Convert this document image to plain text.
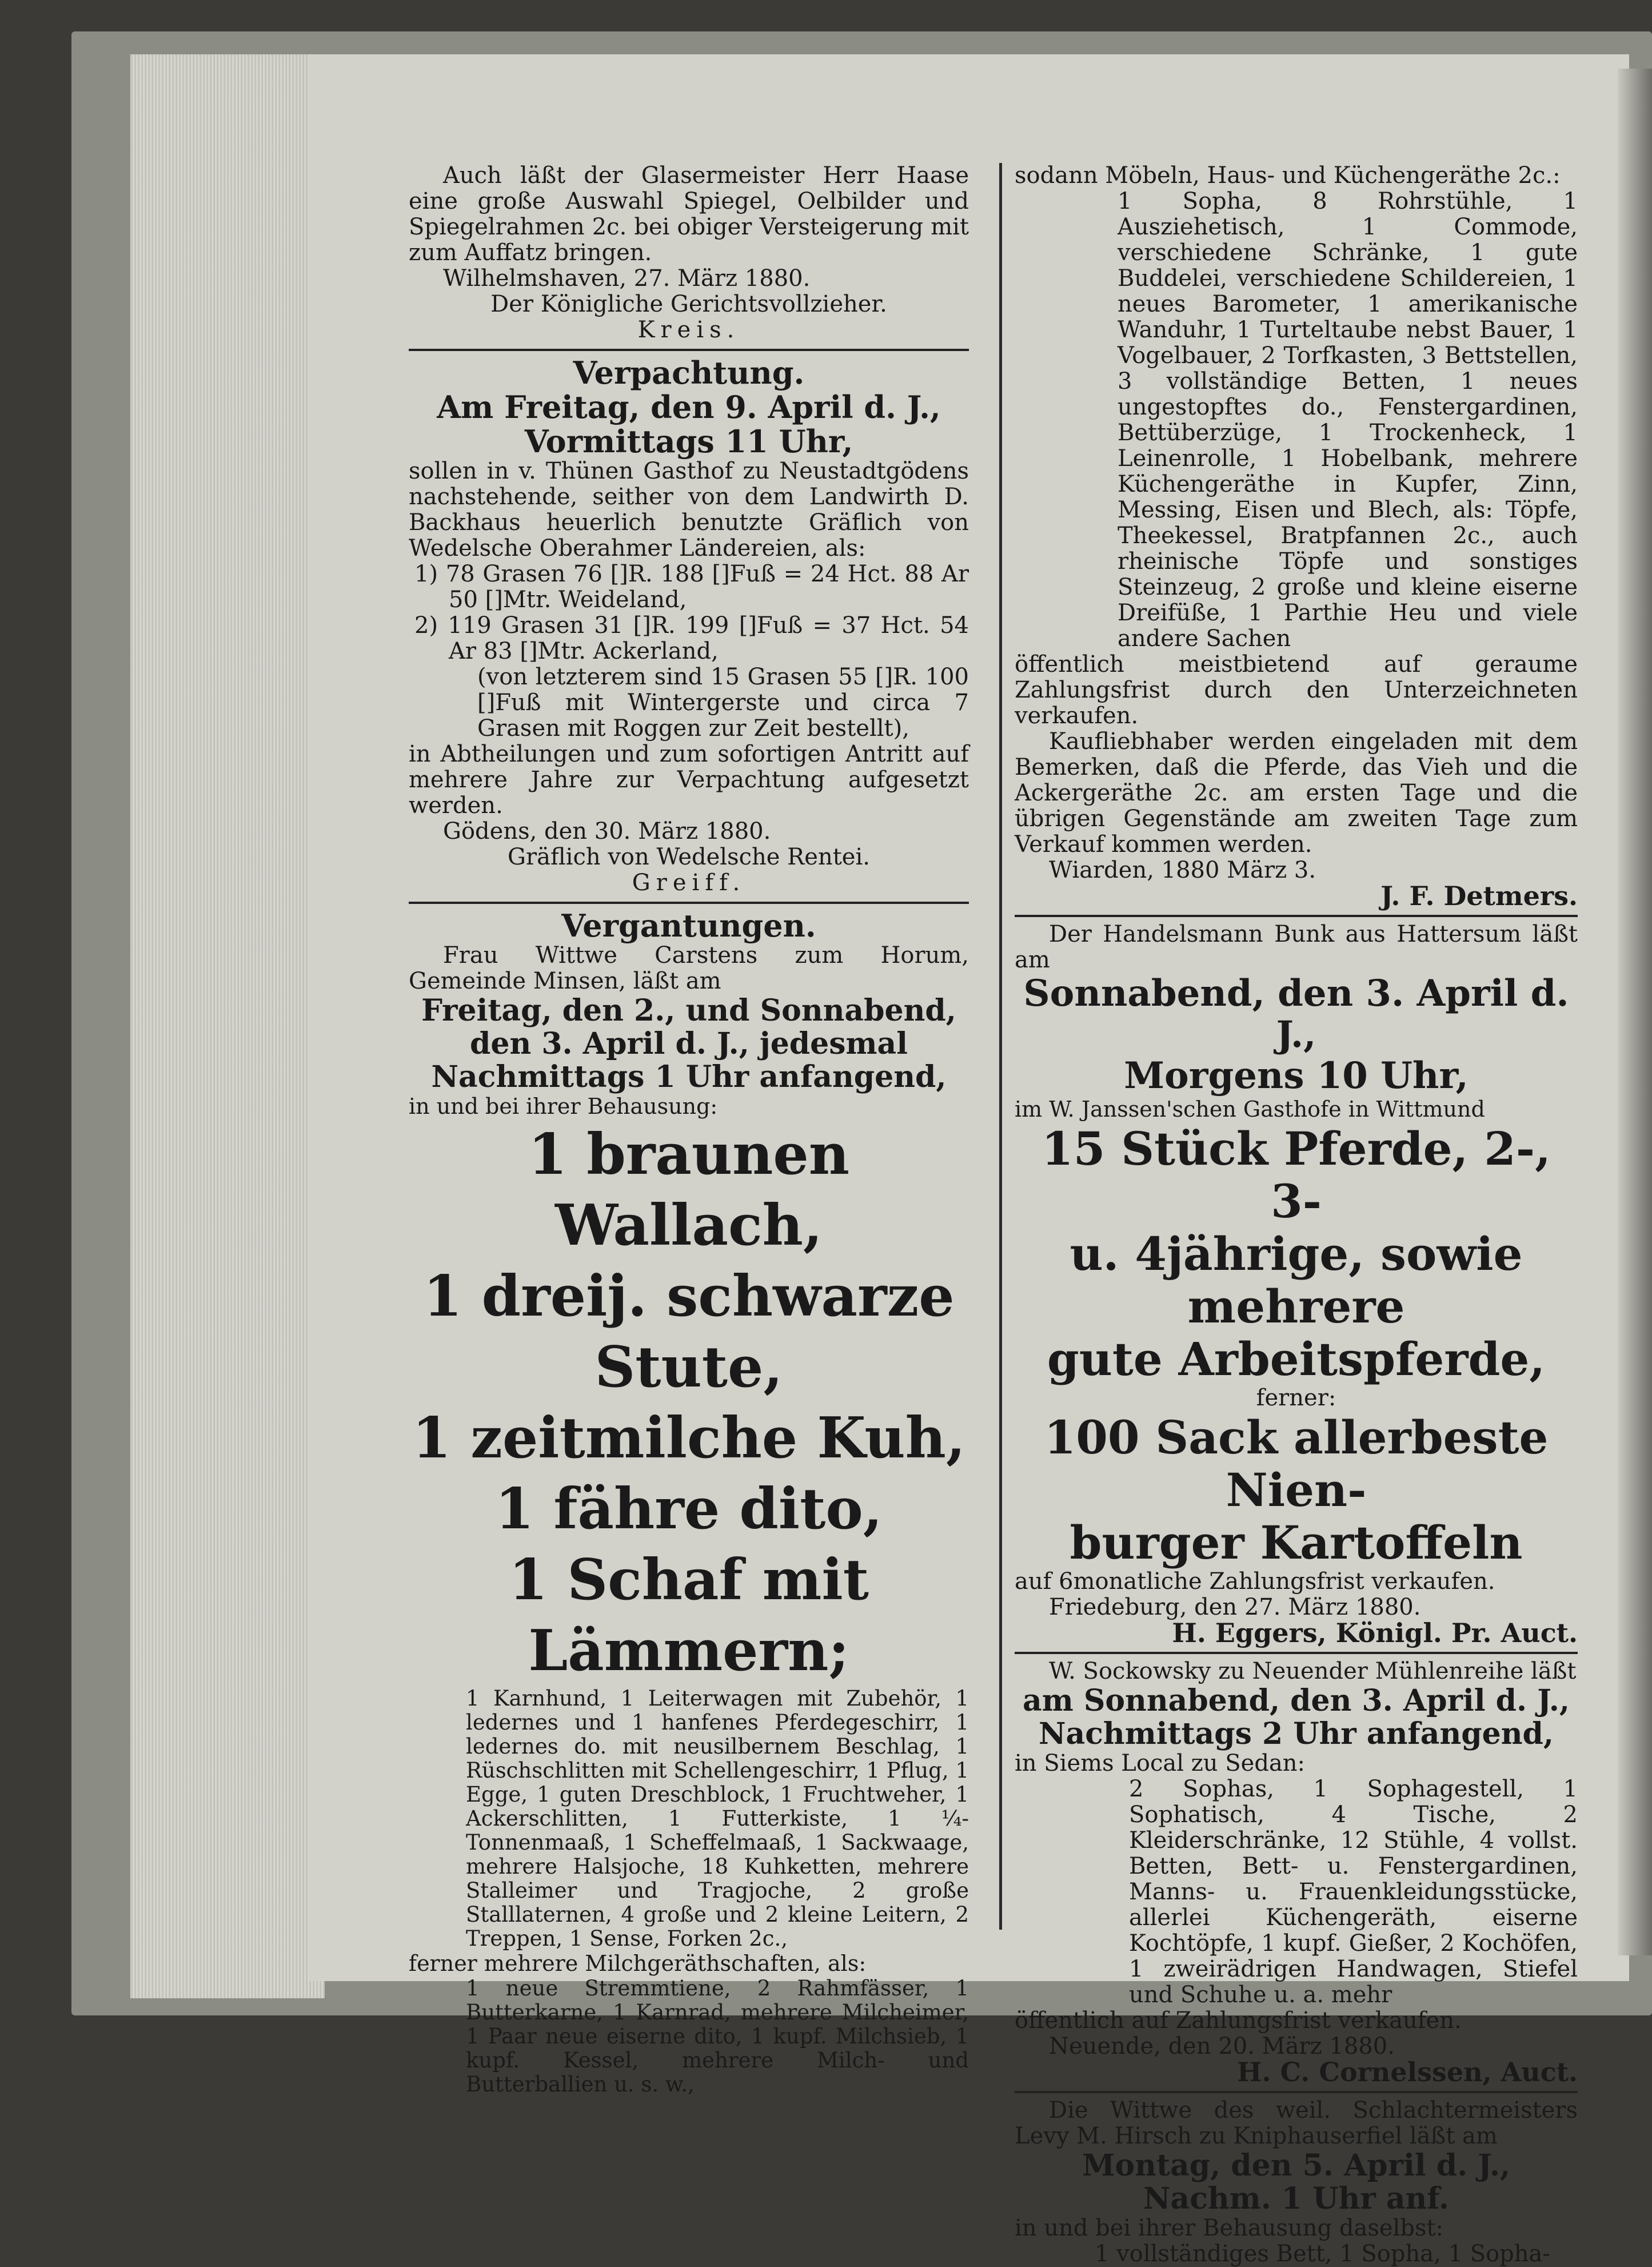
Auch läßt der Glasermeister Herr Haase eine große Auswahl Spiegel, Oelbilder und Spiegelrahmen 2c. bei obiger Versteigerung mit zum Auffatz bringen.

Wilhelmshaven, 27. März 1880.

Der Königliche Gerichtsvollzieher.

Kreis.

Verpachtung.
Am Freitag, den 9. April d. J.,
Vormittags 11 Uhr,

sollen in v. Thünen Gasthof zu Neustadtgödens nachstehende, seither von dem Landwirth D. Backhaus heuerlich benutzte Gräflich von Wedelsche Oberahmer Ländereien, als:

1) 78 Grasen 76 []R. 188 []Fuß = 24 Hct. 88 Ar 50 []Mtr. Weideland,

2) 119 Grasen 31 []R. 199 []Fuß = 37 Hct. 54 Ar 83 []Mtr. Ackerland,

(von letzterem sind 15 Grasen 55 []R. 100 []Fuß mit Wintergerste und circa 7 Grasen mit Roggen zur Zeit bestellt),

in Abtheilungen und zum sofortigen Antritt auf mehrere Jahre zur Verpachtung aufgesetzt werden.

Gödens, den 30. März 1880.

Gräflich von Wedelsche Rentei.

Greiff.

Vergantungen.

Frau Wittwe Carstens zum Horum, Gemeinde Minsen, läßt am

Freitag, den 2., und Sonnabend, den 3. April d. J., jedesmal Nachmittags 1 Uhr anfangend,

in und bei ihrer Behausung:

1 braunen Wallach,
1 dreij. schwarze Stute,
1 zeitmilche Kuh,
1 fähre dito,
1 Schaf mit Lämmern;

1 Karnhund, 1 Leiterwagen mit Zubehör, 1 ledernes und 1 hanfenes Pferdegeschirr, 1 ledernes do. mit neusilbernem Beschlag, 1 Rüschschlitten mit Schellengeschirr, 1 Pflug, 1 Egge, 1 guten Dreschblock, 1 Fruchtweher, 1 Ackerschlitten, 1 Futterkiste, 1 ¼-Tonnenmaaß, 1 Scheffelmaaß, 1 Sackwaage, mehrere Halsjoche, 18 Kuhketten, mehrere Stalleimer und Tragjoche, 2 große Stalllaternen, 4 große und 2 kleine Leitern, 2 Treppen, 1 Sense, Forken 2c.,

ferner mehrere Milchgeräthschaften, als:

1 neue Stremmtiene, 2 Rahmfässer, 1 Butterkarne, 1 Karnrad, mehrere Milcheimer, 1 Paar neue eiserne dito, 1 kupf. Milchsieb, 1 kupf. Kessel, mehrere Milch- und Butterballien u. s. w.,

sodann Möbeln, Haus- und Küchengeräthe 2c.:

1 Sopha, 8 Rohrstühle, 1 Ausziehetisch, 1 Commode, verschiedene Schränke, 1 gute Buddelei, verschiedene Schildereien, 1 neues Barometer, 1 amerikanische Wanduhr, 1 Turteltaube nebst Bauer, 1 Vogelbauer, 2 Torfkasten, 3 Bettstellen, 3 vollständige Betten, 1 neues ungestopftes do., Fenstergardinen, Bettüberzüge, 1 Trockenheck, 1 Leinenrolle, 1 Hobelbank, mehrere Küchengeräthe in Kupfer, Zinn, Messing, Eisen und Blech, als: Töpfe, Theekessel, Bratpfannen 2c., auch rheinische Töpfe und sonstiges Steinzeug, 2 große und kleine eiserne Dreifüße, 1 Parthie Heu und viele andere Sachen

öffentlich meistbietend auf geraume Zahlungsfrist durch den Unterzeichneten verkaufen.

Kaufliebhaber werden eingeladen mit dem Bemerken, daß die Pferde, das Vieh und die Ackergeräthe 2c. am ersten Tage und die übrigen Gegenstände am zweiten Tage zum Verkauf kommen werden.

Wiarden, 1880 März 3.

J. F. Detmers.

Der Handelsmann Bunk aus Hattersum läßt am

Sonnabend, den 3. April d. J.,
Morgens 10 Uhr,

im W. Janssen'schen Gasthofe in Wittmund

15 Stück Pferde, 2-, 3-
u. 4jährige, sowie mehrere
gute Arbeitspferde,

ferner:

100 Sack allerbeste Nien-
burger Kartoffeln

auf 6monatliche Zahlungsfrist verkaufen.

Friedeburg, den 27. März 1880.

H. Eggers, Königl. Pr. Auct.

W. Sockowsky zu Neuender Mühlenreihe läßt

am Sonnabend, den 3. April d. J.,
Nachmittags 2 Uhr anfangend,

in Siems Local zu Sedan:

2 Sophas, 1 Sophagestell, 1 Sophatisch, 4 Tische, 2 Kleiderschränke, 12 Stühle, 4 vollst. Betten, Bett- u. Fenstergardinen, Manns- u. Frauenkleidungsstücke, allerlei Küchengeräth, eiserne Kochtöpfe, 1 kupf. Gießer, 2 Kochöfen, 1 zweirädrigen Handwagen, Stiefel und Schuhe u. a. mehr

öffentlich auf Zahlungsfrist verkaufen.

Neuende, den 20. März 1880.

H. C. Cornelssen, Auct.

Die Wittwe des weil. Schlachtermeisters Levy M. Hirsch zu Kniphauserfiel läßt am

Montag, den 5. April d. J.,
Nachm. 1 Uhr anf.

in und bei ihrer Behausung daselbst:

1 vollständiges Bett, 1 Sopha, 1 Sopha-
